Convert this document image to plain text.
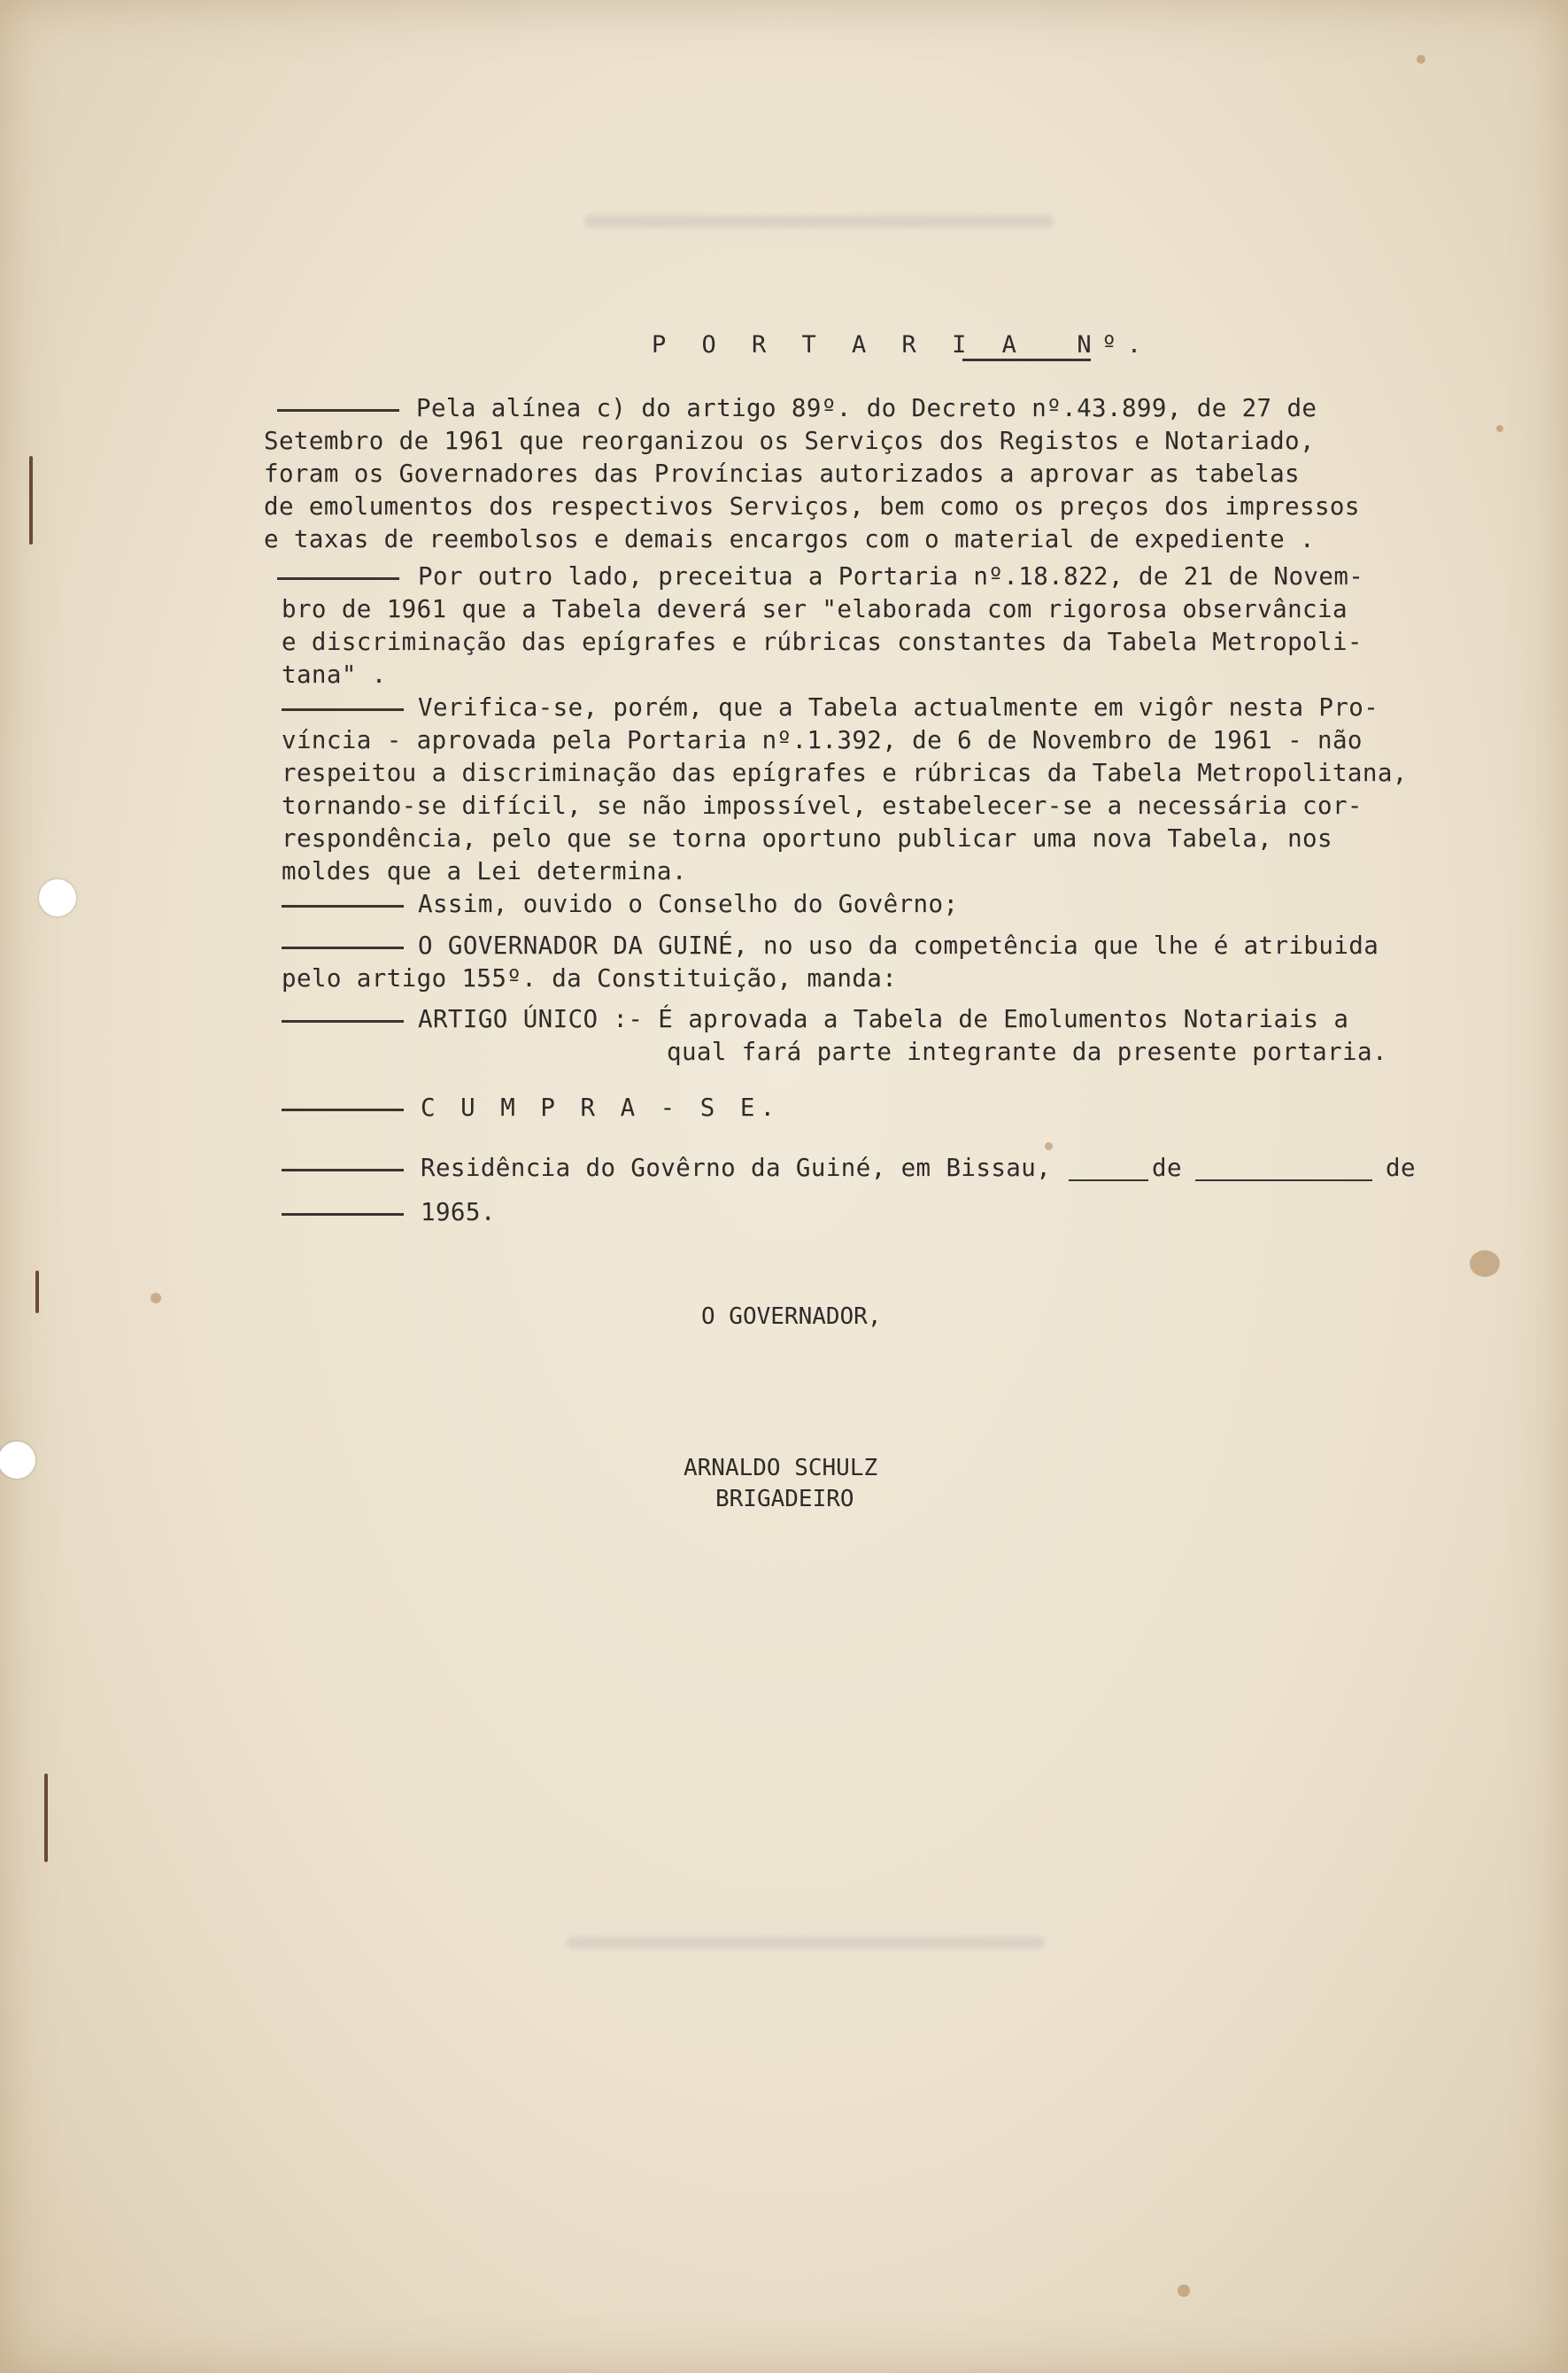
P O R T A R I A  Nº.
Pela alínea c) do artigo 89º. do Decreto nº.43.899, de 27 de
Setembro de 1961 que reorganizou os Serviços dos Registos e Notariado,
foram os Governadores das Províncias autorizados a aprovar as tabelas
de emolumentos dos respectivos Serviços, bem como os preços dos impressos
e taxas de reembolsos e demais encargos com o material de expediente .
Por outro lado, preceitua a Portaria nº.18.822, de 21 de Novem-
bro de 1961 que a Tabela deverá ser "elaborada com rigorosa observância
e discriminação das epígrafes e rúbricas constantes da Tabela Metropoli-
tana" .
Verifica-se, porém, que a Tabela actualmente em vigôr nesta Pro-
víncia - aprovada pela Portaria nº.1.392, de 6 de Novembro de 1961 - não
respeitou a discriminação das epígrafes e rúbricas da Tabela Metropolitana,
tornando-se difícil, se não impossível, estabelecer-se a necessária cor-
respondência, pelo que se torna oportuno publicar uma nova Tabela, nos
moldes que a Lei determina.
Assim, ouvido o Conselho do Govêrno;
O GOVERNADOR DA GUINÉ, no uso da competência que lhe é atribuida
pelo artigo 155º. da Constituição, manda:
ARTIGO ÚNICO :- É aprovada a Tabela de Emolumentos Notariais a
qual fará parte integrante da presente portaria.
C U M P R A - S E.
Residência do Govêrno da Guiné, em Bissau,	de	de
1965.
O GOVERNADOR,
ARNALDO SCHULZ
BRIGADEIRO
